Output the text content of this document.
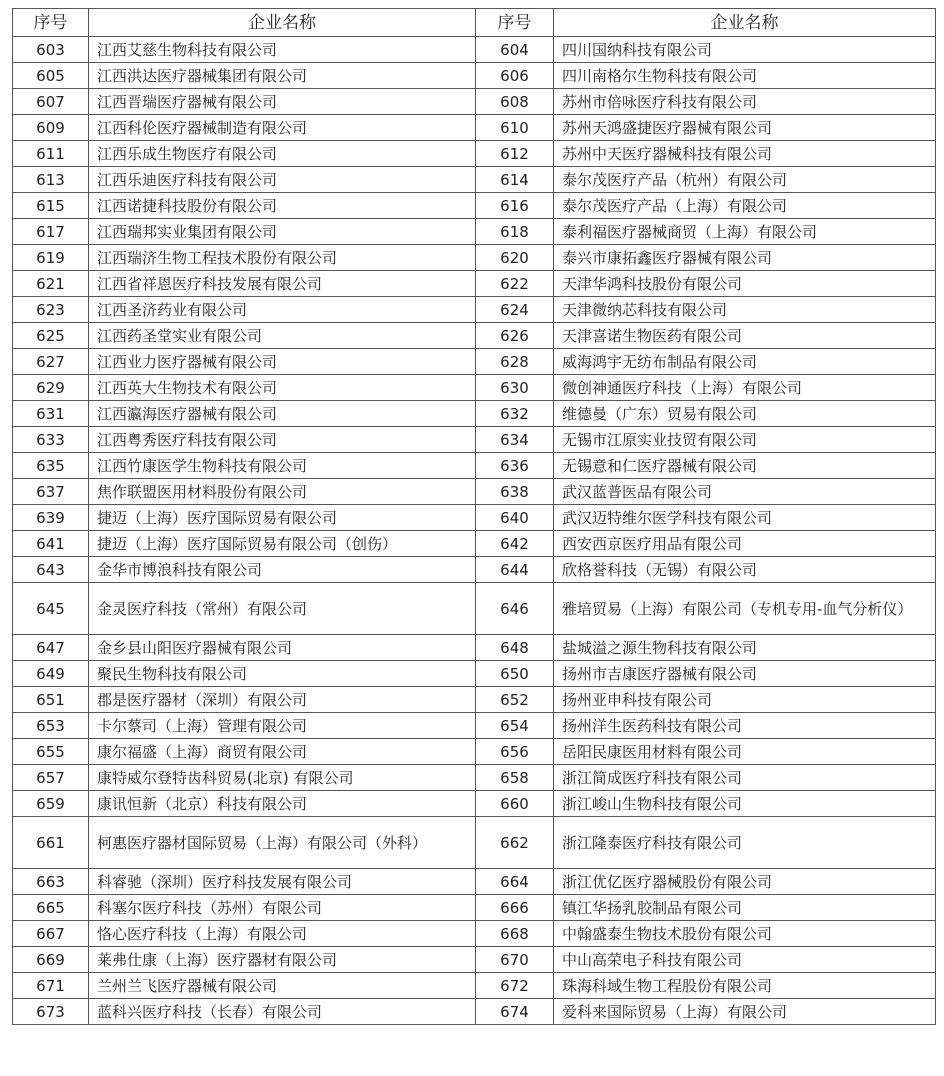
序号	企业名称	序号	企业名称
603	江西艾慈生物科技有限公司	604	四川国纳科技有限公司
605	江西洪达医疗器械集团有限公司	606	四川南格尔生物科技有限公司
607	江西晋瑞医疗器械有限公司	608	苏州市倍咏医疗科技有限公司
609	江西科伦医疗器械制造有限公司	610	苏州天鸿盛捷医疗器械有限公司
611	江西乐成生物医疗有限公司	612	苏州中天医疗器械科技有限公司
613	江西乐迪医疗科技有限公司	614	泰尔茂医疗产品（杭州）有限公司
615	江西诺捷科技股份有限公司	616	泰尔茂医疗产品（上海）有限公司
617	江西瑞邦实业集团有限公司	618	泰利福医疗器械商贸（上海）有限公司
619	江西瑞济生物工程技术股份有限公司	620	泰兴市康拓鑫医疗器械有限公司
621	江西省祥恩医疗科技发展有限公司	622	天津华鸿科技股份有限公司
623	江西圣济药业有限公司	624	天津微纳芯科技有限公司
625	江西药圣堂实业有限公司	626	天津喜诺生物医药有限公司
627	江西业力医疗器械有限公司	628	威海鸿宇无纺布制品有限公司
629	江西英大生物技术有限公司	630	微创神通医疗科技（上海）有限公司
631	江西瀛海医疗器械有限公司	632	维德曼（广东）贸易有限公司
633	江西粤秀医疗科技有限公司	634	无锡市江原实业技贸有限公司
635	江西竹康医学生物科技有限公司	636	无锡意和仁医疗器械有限公司
637	焦作联盟医用材料股份有限公司	638	武汉蓝普医品有限公司
639	捷迈（上海）医疗国际贸易有限公司	640	武汉迈特维尔医学科技有限公司
641	捷迈（上海）医疗国际贸易有限公司（创伤）	642	西安西京医疗用品有限公司
643	金华市博浪科技有限公司	644	欣格誉科技（无锡）有限公司
645	金灵医疗科技（常州）有限公司	646	雅培贸易（上海）有限公司（专机专用-血气分析仪）
647	金乡县山阳医疗器械有限公司	648	盐城溢之源生物科技有限公司
649	聚民生物科技有限公司	650	扬州市吉康医疗器械有限公司
651	郡是医疗器材（深圳）有限公司	652	扬州亚申科技有限公司
653	卡尔蔡司（上海）管理有限公司	654	扬州洋生医药科技有限公司
655	康尔福盛（上海）商贸有限公司	656	岳阳民康医用材料有限公司
657	康特威尔登特齿科贸易(北京) 有限公司	658	浙江简成医疗科技有限公司
659	康讯恒新（北京）科技有限公司	660	浙江峻山生物科技有限公司
661	柯惠医疗器材国际贸易（上海）有限公司（外科）	662	浙江隆泰医疗科技有限公司
663	科睿驰（深圳）医疗科技发展有限公司	664	浙江优亿医疗器械股份有限公司
665	科塞尔医疗科技（苏州）有限公司	666	镇江华扬乳胶制品有限公司
667	恪心医疗科技（上海）有限公司	668	中翰盛泰生物技术股份有限公司
669	莱弗仕康（上海）医疗器材有限公司	670	中山高荣电子科技有限公司
671	兰州兰飞医疗器械有限公司	672	珠海科域生物工程股份有限公司
673	蓝科兴医疗科技（长春）有限公司	674	爱科来国际贸易（上海）有限公司
